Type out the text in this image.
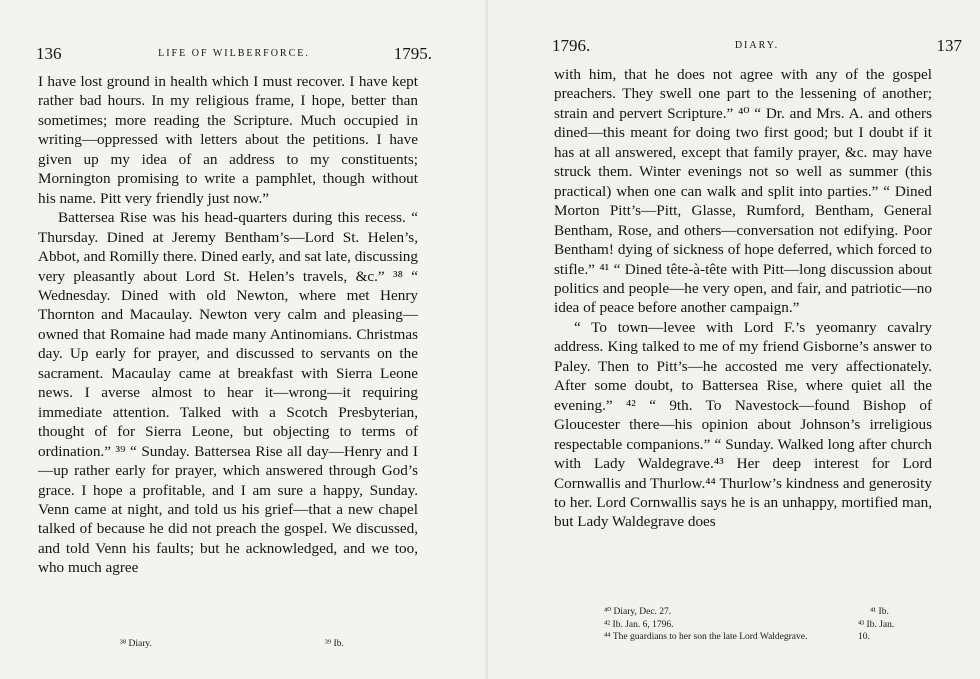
136	LIFE OF WILBERFORCE.	1795.

I have lost ground in health which I must recover. I have kept rather bad hours. In my religious frame, I hope, better than sometimes; more reading the Scripture. Much occupied in writing—oppressed with letters about the petitions. I have given up my idea of an address to my constituents; Mornington promising to write a pamphlet, though without his name. Pitt very friendly just now.”

Battersea Rise was his head-quarters during this recess. “ Thursday. Dined at Jeremy Bentham’s—Lord St. Helen’s, Abbot, and Romilly there. Dined early, and sat late, discussing very pleasantly about Lord St. Helen’s travels, &c.” ³⁸ “ Wednesday. Dined with old Newton, where met Henry Thornton and Macaulay. Newton very calm and pleasing—owned that Romaine had made many Antinomians. Christmas day. Up early for prayer, and discussed to servants on the sacrament. Macaulay came at breakfast with Sierra Leone news. I averse almost to hear it—wrong—it requiring immediate attention. Talked with a Scotch Presbyterian, thought of for Sierra Leone, but objecting to terms of ordination.” ³⁹ “ Sunday. Battersea Rise all day—Henry and I—up rather early for prayer, which answered through God’s grace. I hope a profitable, and I am sure a happy, Sunday. Venn came at night, and told us his grief—that a new chapel talked of because he did not preach the gospel. We discussed, and told Venn his faults; but he acknowledged, and we too, who much agree

³⁸ Diary.	³⁹ Ib.
1796.	DIARY.	137

with him, that he does not agree with any of the gospel preachers. They swell one part to the lessening of another; strain and pervert Scripture.” ⁴⁰ “ Dr. and Mrs. A. and others dined—this meant for doing two first good; but I doubt if it has at all answered, except that family prayer, &c. may have struck them. Winter evenings not so well as summer (this practical) when one can walk and split into parties.” “ Dined Morton Pitt’s—Pitt, Glasse, Rumford, Bentham, General Bentham, Rose, and others—conversation not edifying. Poor Bentham! dying of sickness of hope deferred, which forced to stifle.” ⁴¹ “ Dined tête-à-tête with Pitt—long discussion about politics and people—he very open, and fair, and patriotic—no idea of peace before another campaign.”

“ To town—levee with Lord F.’s yeomanry cavalry address. King talked to me of my friend Gisborne’s answer to Paley. Then to Pitt’s—he accosted me very affectionately. After some doubt, to Battersea Rise, where quiet all the evening.” ⁴² “ 9th. To Navestock—found Bishop of Gloucester there—his opinion about Johnson’s irreligious respectable companions.” “ Sunday. Walked long after church with Lady Waldegrave.⁴³ Her deep interest for Lord Cornwallis and Thurlow.⁴⁴ Thurlow’s kindness and generosity to her. Lord Cornwallis says he is an unhappy, mortified man, but Lady Waldegrave does

⁴⁰ Diary, Dec. 27.	⁴¹ Ib.
⁴² Ib. Jan. 6, 1796.	⁴³ Ib. Jan. 10.
⁴⁴ The guardians to her son the late Lord Waldegrave.
